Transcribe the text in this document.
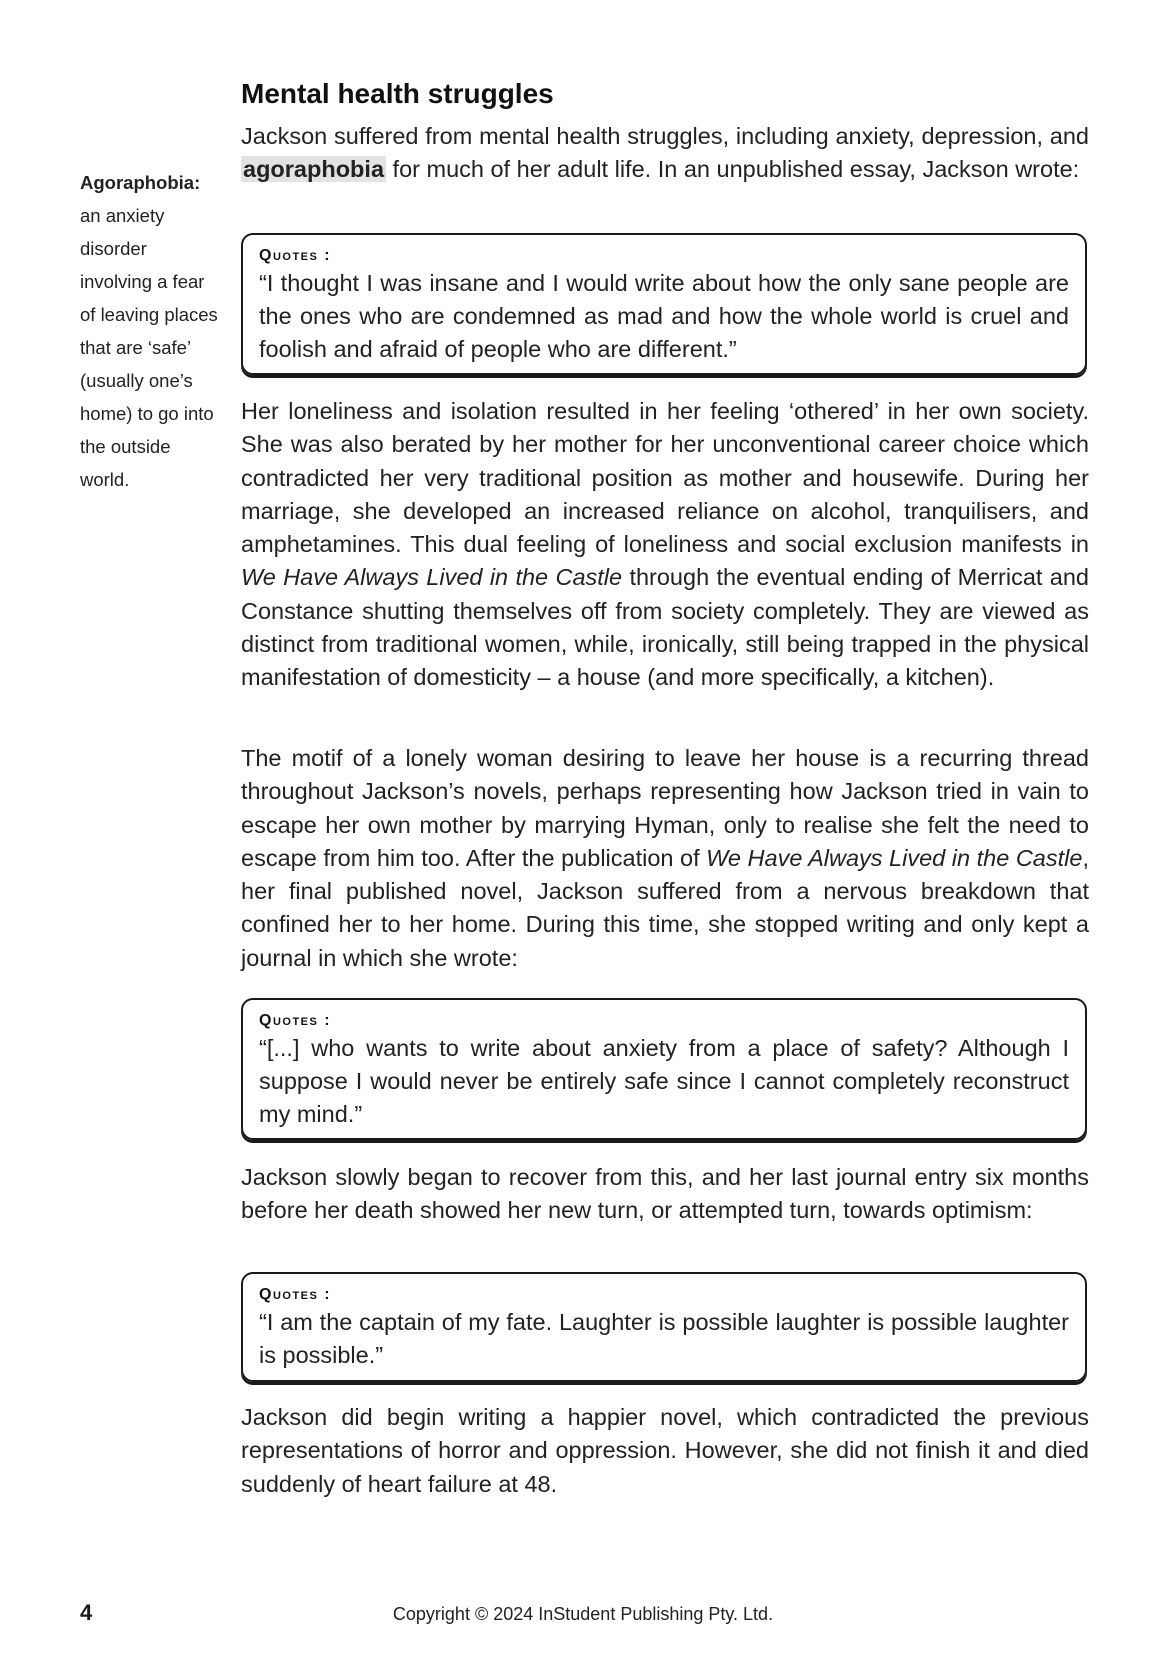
Mental health struggles
Agoraphobia: an anxiety disorder involving a fear of leaving places that are ‘safe’ (usually one’s home) to go into the outside world.

Jackson suffered from mental health struggles, including anxiety, depression, and agoraphobia for much of her adult life. In an unpublished essay, Jackson wrote:

Quotes :

“I thought I was insane and I would write about how the only sane people are the ones who are condemned as mad and how the whole world is cruel and foolish and afraid of people who are different.”

Her loneliness and isolation resulted in her feeling ‘othered’ in her own society. She was also berated by her mother for her unconventional career choice which contradicted her very traditional position as mother and housewife. During her marriage, she developed an increased reliance on alcohol, tranquilisers, and amphetamines. This dual feeling of loneliness and social exclusion manifests in We Have Always Lived in the Castle through the eventual ending of Merricat and Constance shutting themselves off from society completely. They are viewed as distinct from traditional women, while, ironically, still being trapped in the physical manifestation of domesticity – a house (and more specifically, a kitchen).

The motif of a lonely woman desiring to leave her house is a recurring thread throughout Jackson’s novels, perhaps representing how Jackson tried in vain to escape her own mother by marrying Hyman, only to realise she felt the need to escape from him too. After the publication of We Have Always Lived in the Castle, her final published novel, Jackson suffered from a nervous breakdown that confined her to her home. During this time, she stopped writing and only kept a journal in which she wrote:

Quotes :

“[...] who wants to write about anxiety from a place of safety? Although I suppose I would never be entirely safe since I cannot completely reconstruct my mind.”

Jackson slowly began to recover from this, and her last journal entry six months before her death showed her new turn, or attempted turn, towards optimism:

Quotes :

“I am the captain of my fate. Laughter is possible laughter is possible laughter is possible.”

Jackson did begin writing a happier novel, which contradicted the previous representations of horror and oppression. However, she did not finish it and died suddenly of heart failure at 48.

4	Copyright © 2024 InStudent Publishing Pty. Ltd.
